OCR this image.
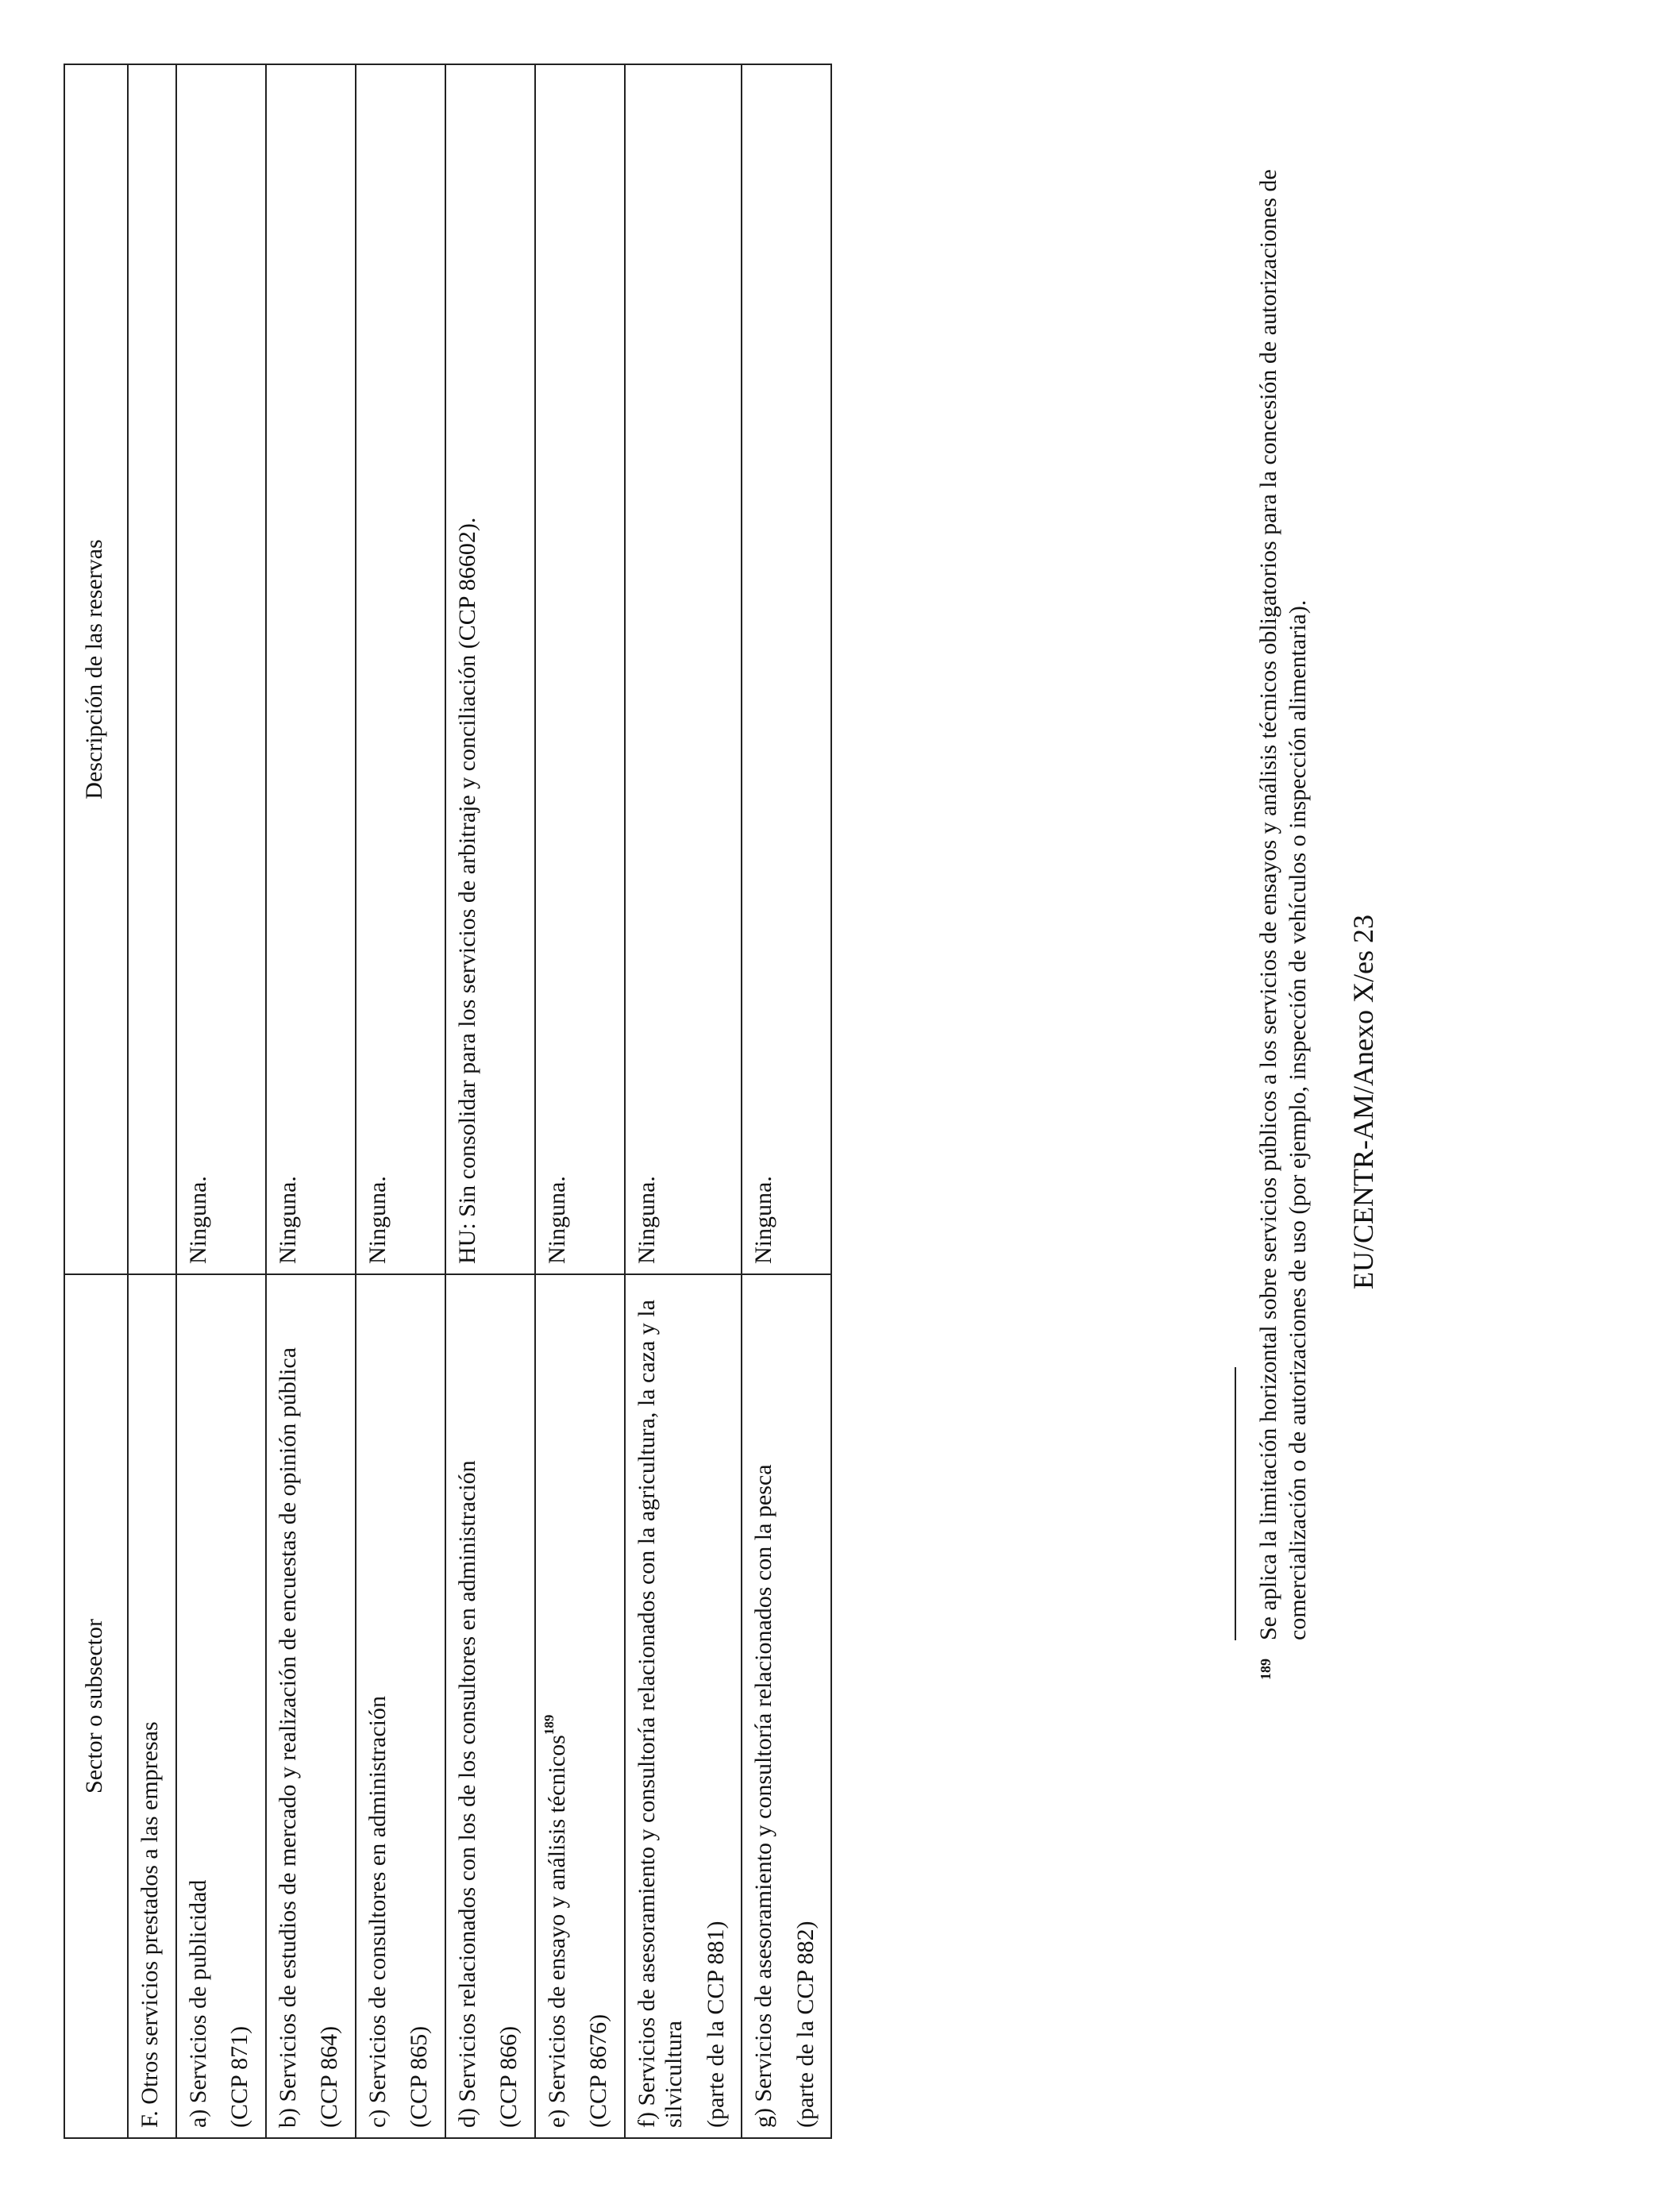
Sector o subsector	Descripción de las reservas
F. Otros servicios prestados a las empresas	

a) Servicios de publicidad (CCP 871)	Ninguna.

b) Servicios de estudios de mercado y realización de encuestas de opinión pública (CCP 864)	Ninguna.

c) Servicios de consultores en administración (CCP 865)	Ninguna.

d) Servicios relacionados con los de los consultores en administración (CCP 866)	HU: Sin consolidar para los servicios de arbitraje y conciliación (CCP 86602).

e) Servicios de ensayo y análisis técnicos$^{189}$
(CCP 8676)	Ninguna.

f) Servicios de asesoramiento y consultoría relacionados con la agricultura, la caza y la silvicultura (parte de la CCP 881)	Ninguna.

g) Servicios de asesoramiento y consultoría relacionados con la pesca (parte de la CCP 882)	Ninguna.
189
Se aplica la limitación horizontal sobre servicios públicos a los servicios de ensayos y análisis técnicos obligatorios para la concesión de autorizaciones de comercialización o de autorizaciones de uso (por ejemplo, inspección de vehículos o inspección alimentaria). EU/CENTR-AM/Anexo X/es 23
